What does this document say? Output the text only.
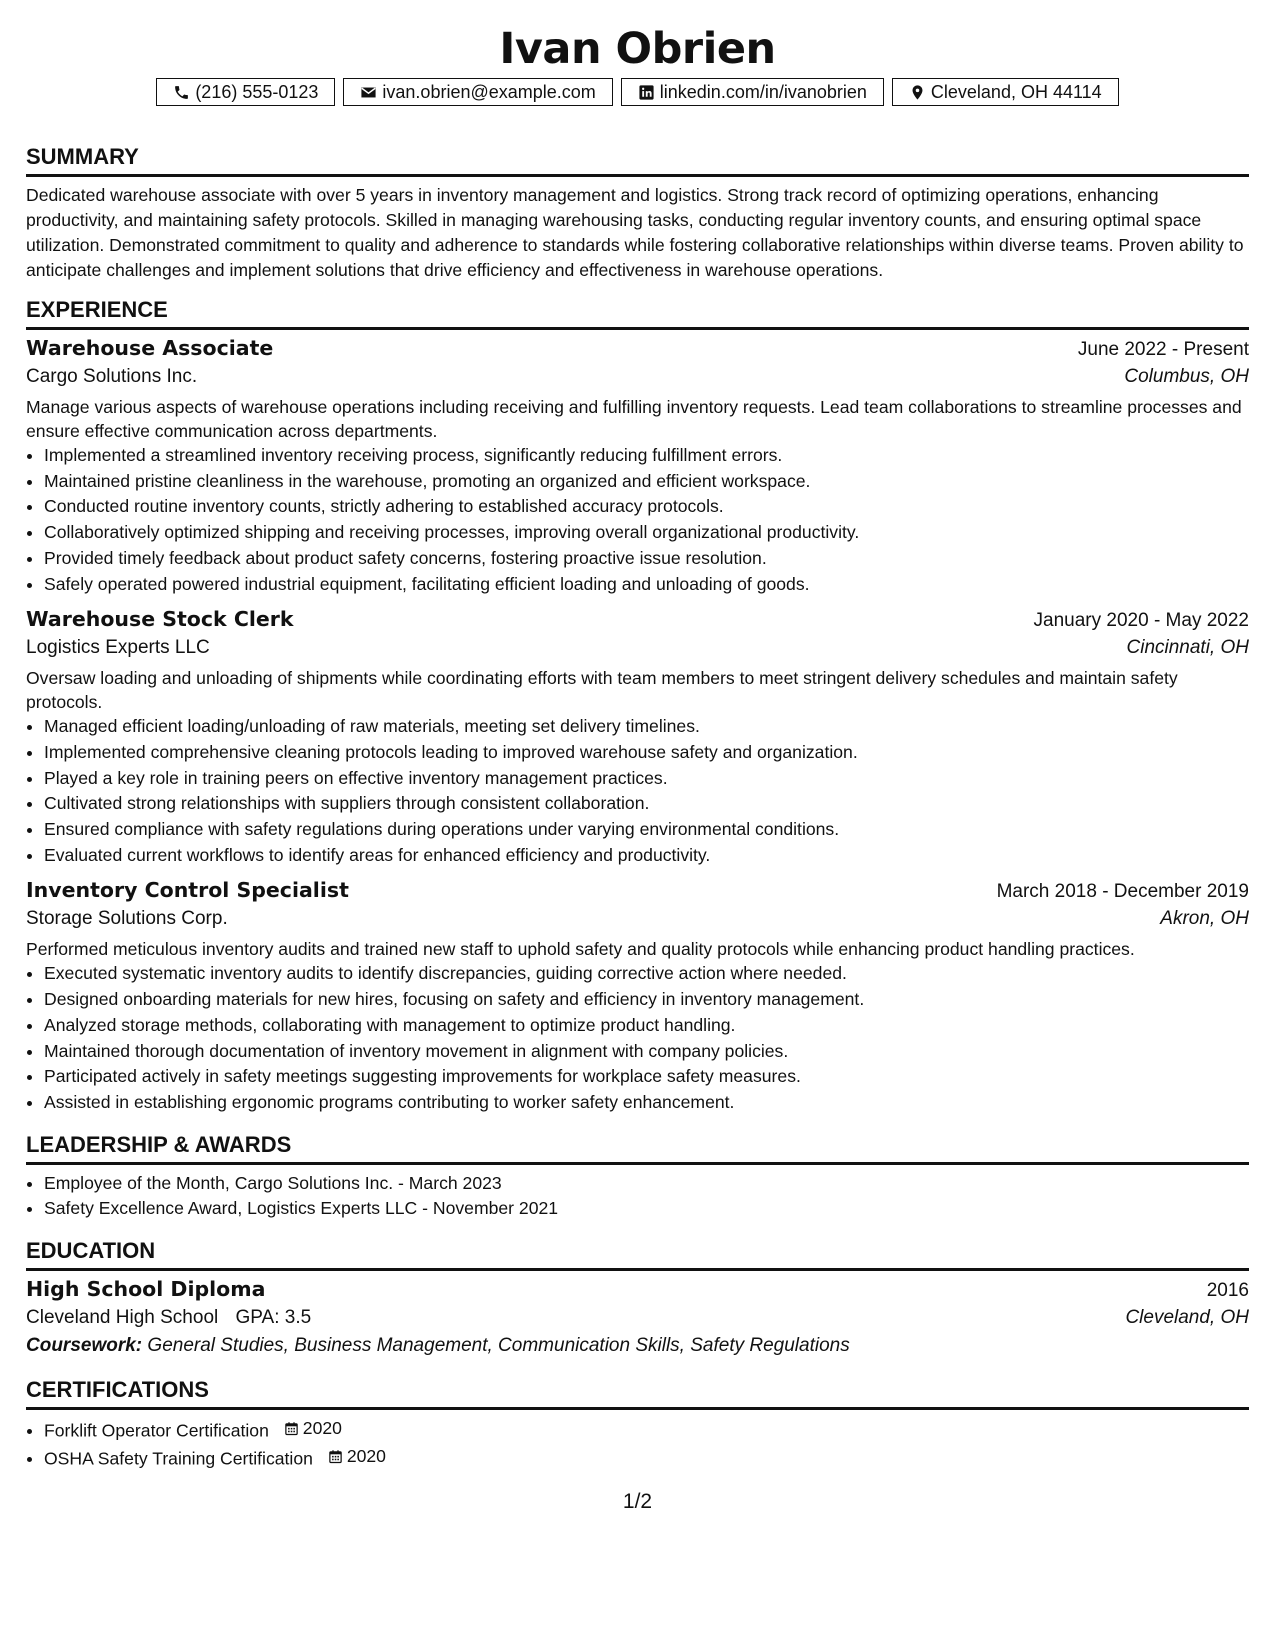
Ivan Obrien
(216) 555-0123	ivan.obrien@example.com	linkedin.com/in/ivanobrien	Cleveland, OH 44114
SUMMARY

Dedicated warehouse associate with over 5 years in inventory management and logistics. Strong track record of optimizing operations, enhancing productivity, and maintaining safety protocols. Skilled in managing warehousing tasks, conducting regular inventory counts, and ensuring optimal space utilization. Demonstrated commitment to quality and adherence to standards while fostering collaborative relationships within diverse teams. Proven ability to anticipate challenges and implement solutions that drive efficiency and effectiveness in warehouse operations.

EXPERIENCE
Warehouse Associate	June 2022 - Present
Cargo Solutions Inc.	Columbus, OH

Manage various aspects of warehouse operations including receiving and fulfilling inventory requests. Lead team collaborations to streamline processes and ensure effective communication across departments.

• Implemented a streamlined inventory receiving process, significantly reducing fulfillment errors.
• Maintained pristine cleanliness in the warehouse, promoting an organized and efficient workspace.
• Conducted routine inventory counts, strictly adhering to established accuracy protocols.
• Collaboratively optimized shipping and receiving processes, improving overall organizational productivity.
• Provided timely feedback about product safety concerns, fostering proactive issue resolution.
• Safely operated powered industrial equipment, facilitating efficient loading and unloading of goods.
Warehouse Stock Clerk	January 2020 - May 2022
Logistics Experts LLC	Cincinnati, OH

Oversaw loading and unloading of shipments while coordinating efforts with team members to meet stringent delivery schedules and maintain safety protocols.

• Managed efficient loading/unloading of raw materials, meeting set delivery timelines.
• Implemented comprehensive cleaning protocols leading to improved warehouse safety and organization.
• Played a key role in training peers on effective inventory management practices.
• Cultivated strong relationships with suppliers through consistent collaboration.
• Ensured compliance with safety regulations during operations under varying environmental conditions.
• Evaluated current workflows to identify areas for enhanced efficiency and productivity.
Inventory Control Specialist	March 2018 - December 2019
Storage Solutions Corp.	Akron, OH

Performed meticulous inventory audits and trained new staff to uphold safety and quality protocols while enhancing product handling practices.

• Executed systematic inventory audits to identify discrepancies, guiding corrective action where needed.
• Designed onboarding materials for new hires, focusing on safety and efficiency in inventory management.
• Analyzed storage methods, collaborating with management to optimize product handling.
• Maintained thorough documentation of inventory movement in alignment with company policies.
• Participated actively in safety meetings suggesting improvements for workplace safety measures.
• Assisted in establishing ergonomic programs contributing to worker safety enhancement.
LEADERSHIP & AWARDS
• Employee of the Month, Cargo Solutions Inc. - March 2023
• Safety Excellence Award, Logistics Experts LLC - November 2021
EDUCATION
High School Diploma	2016
Cleveland High School GPA: 3.5	Cleveland, OH
Coursework: General Studies, Business Management, Communication Skills, Safety Regulations
CERTIFICATIONS
• Forklift Operator Certification 2020
• OSHA Safety Training Certification 2020
1/2
